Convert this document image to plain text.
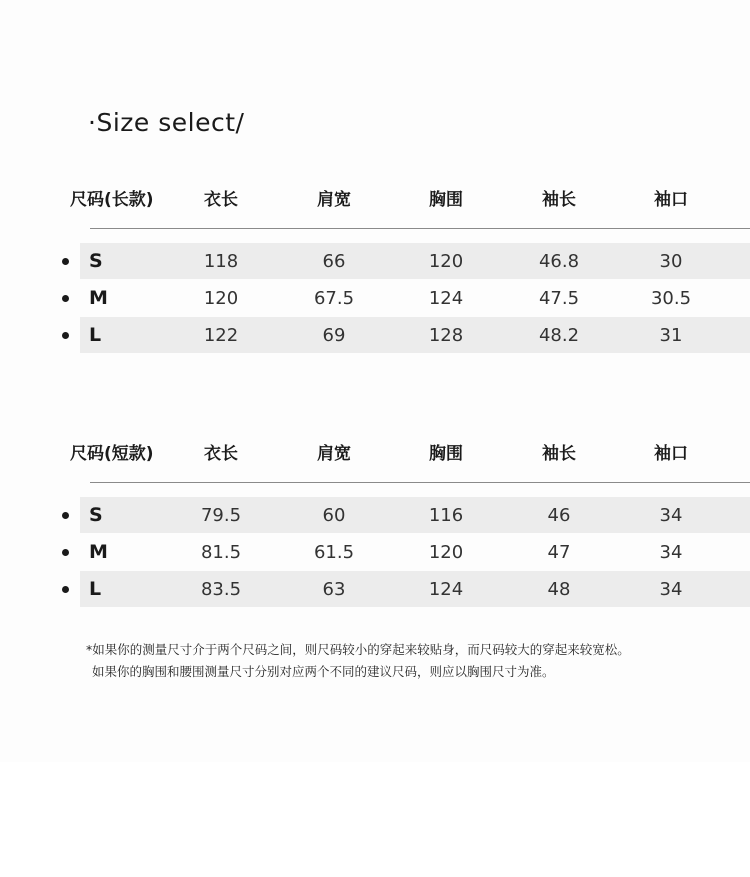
·Size select/
尺码(长款)	衣长	肩宽	胸围	袖长	袖口
S	118	66	120	46.8	30
M	120	67.5	124	47.5	30.5
L	122	69	128	48.2	31
尺码(短款)	衣长	肩宽	胸围	袖长	袖口
S	79.5	60	116	46	34
M	81.5	61.5	120	47	34
L	83.5	63	124	48	34
*如果你的测量尺寸介于两个尺码之间，则尺码较小的穿起来较贴身，而尺码较大的穿起来较宽松。
如果你的胸围和腰围测量尺寸分别对应两个不同的建议尺码，则应以胸围尺寸为准。
